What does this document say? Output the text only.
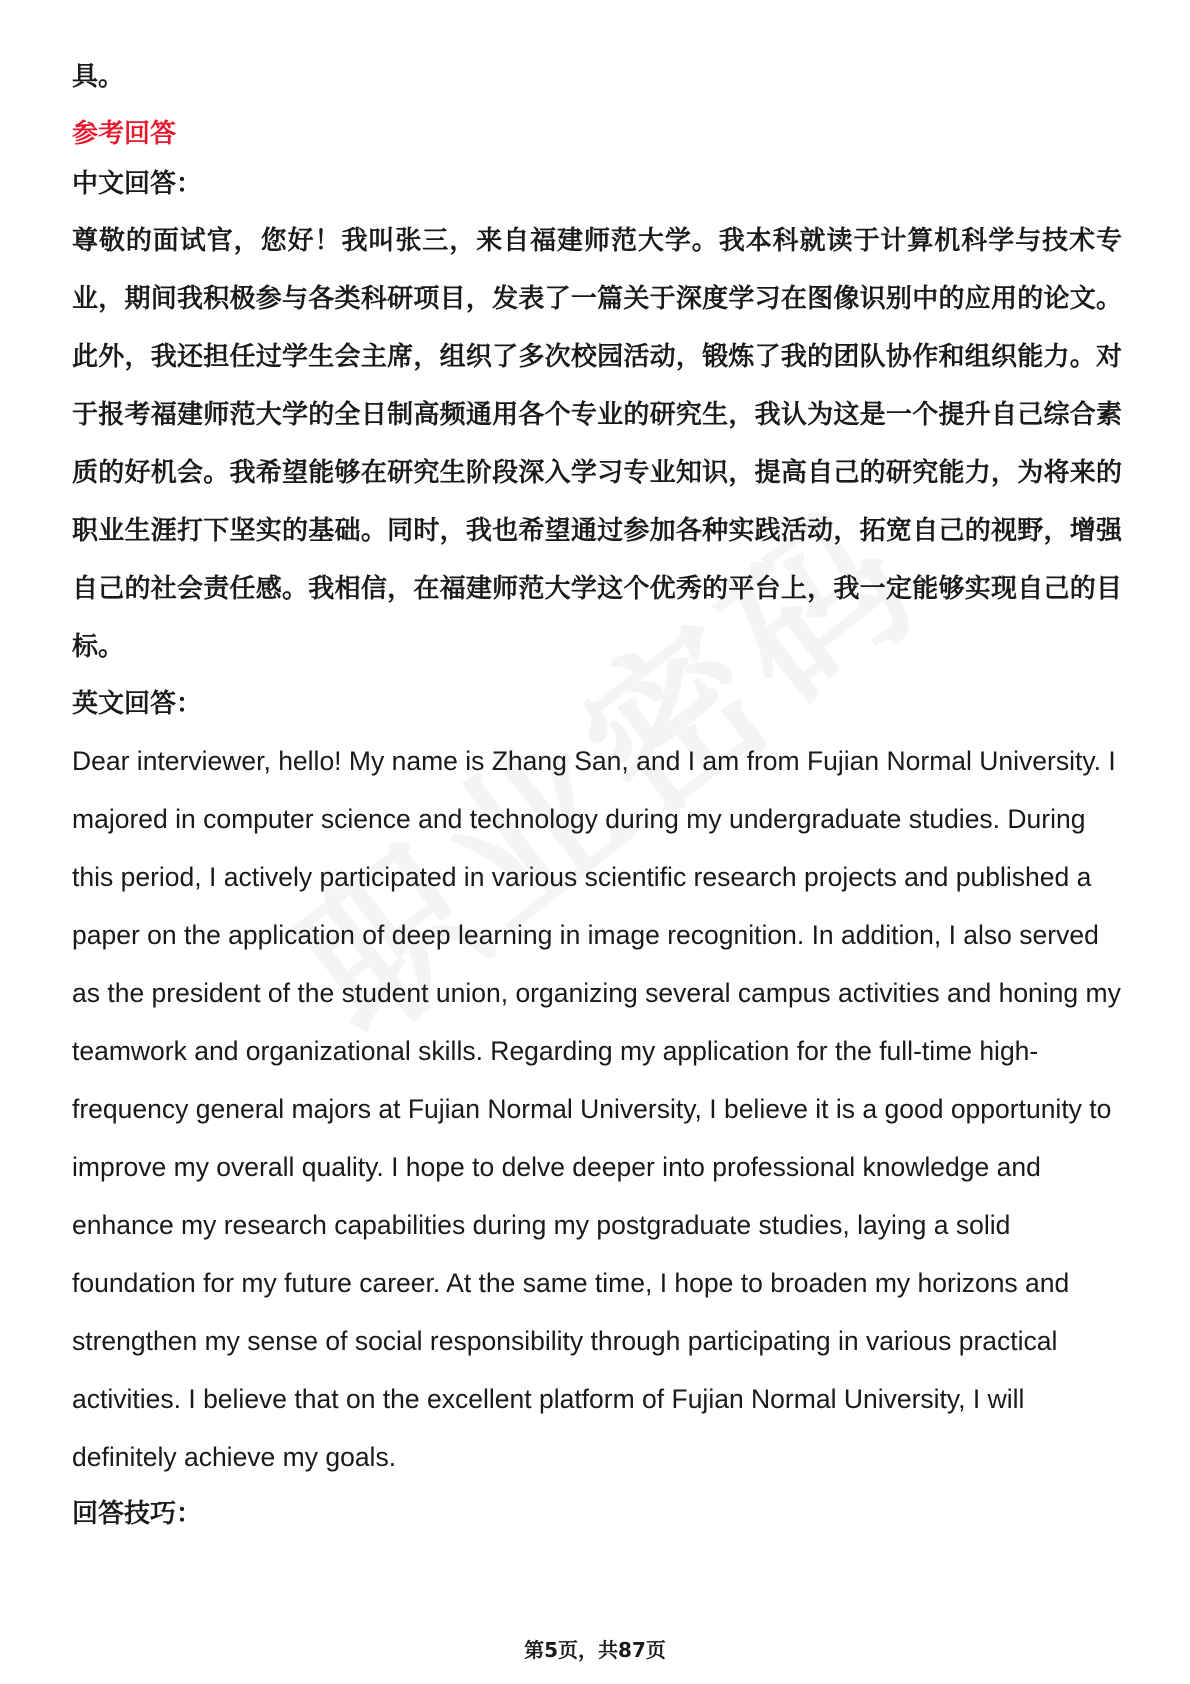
具。

参考回答

中文回答：

尊敬的面试官，您好！我叫张三，来自福建师范大学。我本科就读于计算机科学与技术专业，期间我积极参与各类科研项目，发表了一篇关于深度学习在图像识别中的应用的论文。此外，我还担任过学生会主席，组织了多次校园活动，锻炼了我的团队协作和组织能力。对于报考福建师范大学的全日制高频通用各个专业的研究生，我认为这是一个提升自己综合素质的好机会。我希望能够在研究生阶段深入学习专业知识，提高自己的研究能力，为将来的职业生涯打下坚实的基础。同时，我也希望通过参加各种实践活动，拓宽自己的视野，增强自己的社会责任感。我相信，在福建师范大学这个优秀的平台上，我一定能够实现自己的目标。

英文回答：

Dear interviewer, hello! My name is Zhang San, and I am from Fujian Normal University. I majored in computer science and technology during my undergraduate studies. During this period, I actively participated in various scientific research projects and published a paper on the application of deep learning in image recognition. In addition, I also served as the president of the student union, organizing several campus activities and honing my teamwork and organizational skills. Regarding my application for the full-time high-frequency general majors at Fujian Normal University, I believe it is a good opportunity to improve my overall quality. I hope to delve deeper into professional knowledge and enhance my research capabilities during my postgraduate studies, laying a solid foundation for my future career. At the same time, I hope to broaden my horizons and strengthen my sense of social responsibility through participating in various practical activities. I believe that on the excellent platform of Fujian Normal University, I will definitely achieve my goals.

回答技巧：

第5页，共87页
